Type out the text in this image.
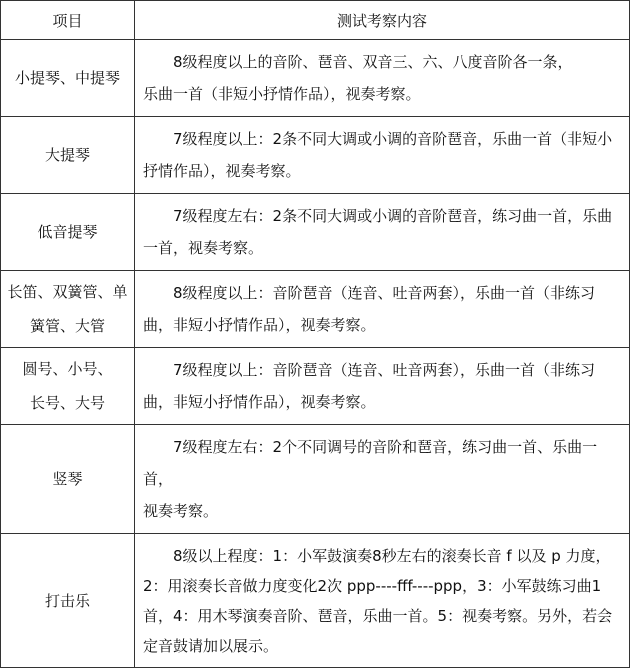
项目	测试考察内容

小提琴、中提琴	8级程度以上的音阶、琶音、双音三、六、八度音阶各一条，
乐曲一首（非短小抒情作品），视奏考察。

大提琴	7级程度以上：2条不同大调或小调的音阶琶音，乐曲一首（非短小
抒情作品），视奏考察。

低音提琴	7级程度左右：2条不同大调或小调的音阶琶音，练习曲一首，乐曲
一首，视奏考察。

长笛、双簧管、单
簧管、大管	8级程度以上：音阶琶音（连音、吐音两套），乐曲一首（非练习
曲，非短小抒情作品），视奏考察。

圆号、小号、
长号、大号	7级程度以上：音阶琶音（连音、吐音两套），乐曲一首（非练习
曲，非短小抒情作品），视奏考察。

竖琴	7级程度左右：2个不同调号的音阶和琶音，练习曲一首、乐曲一首，
视奏考察。

打击乐	8级以上程度：1：小军鼓演奏8秒左右的滚奏长音 f 以及 p 力度，
2：用滚奏长音做力度变化2次 ppp----fff----ppp，3：小军鼓练习曲1
首，4：用木琴演奏音阶、琶音，乐曲一首。5：视奏考察。另外，若会
定音鼓请加以展示。
